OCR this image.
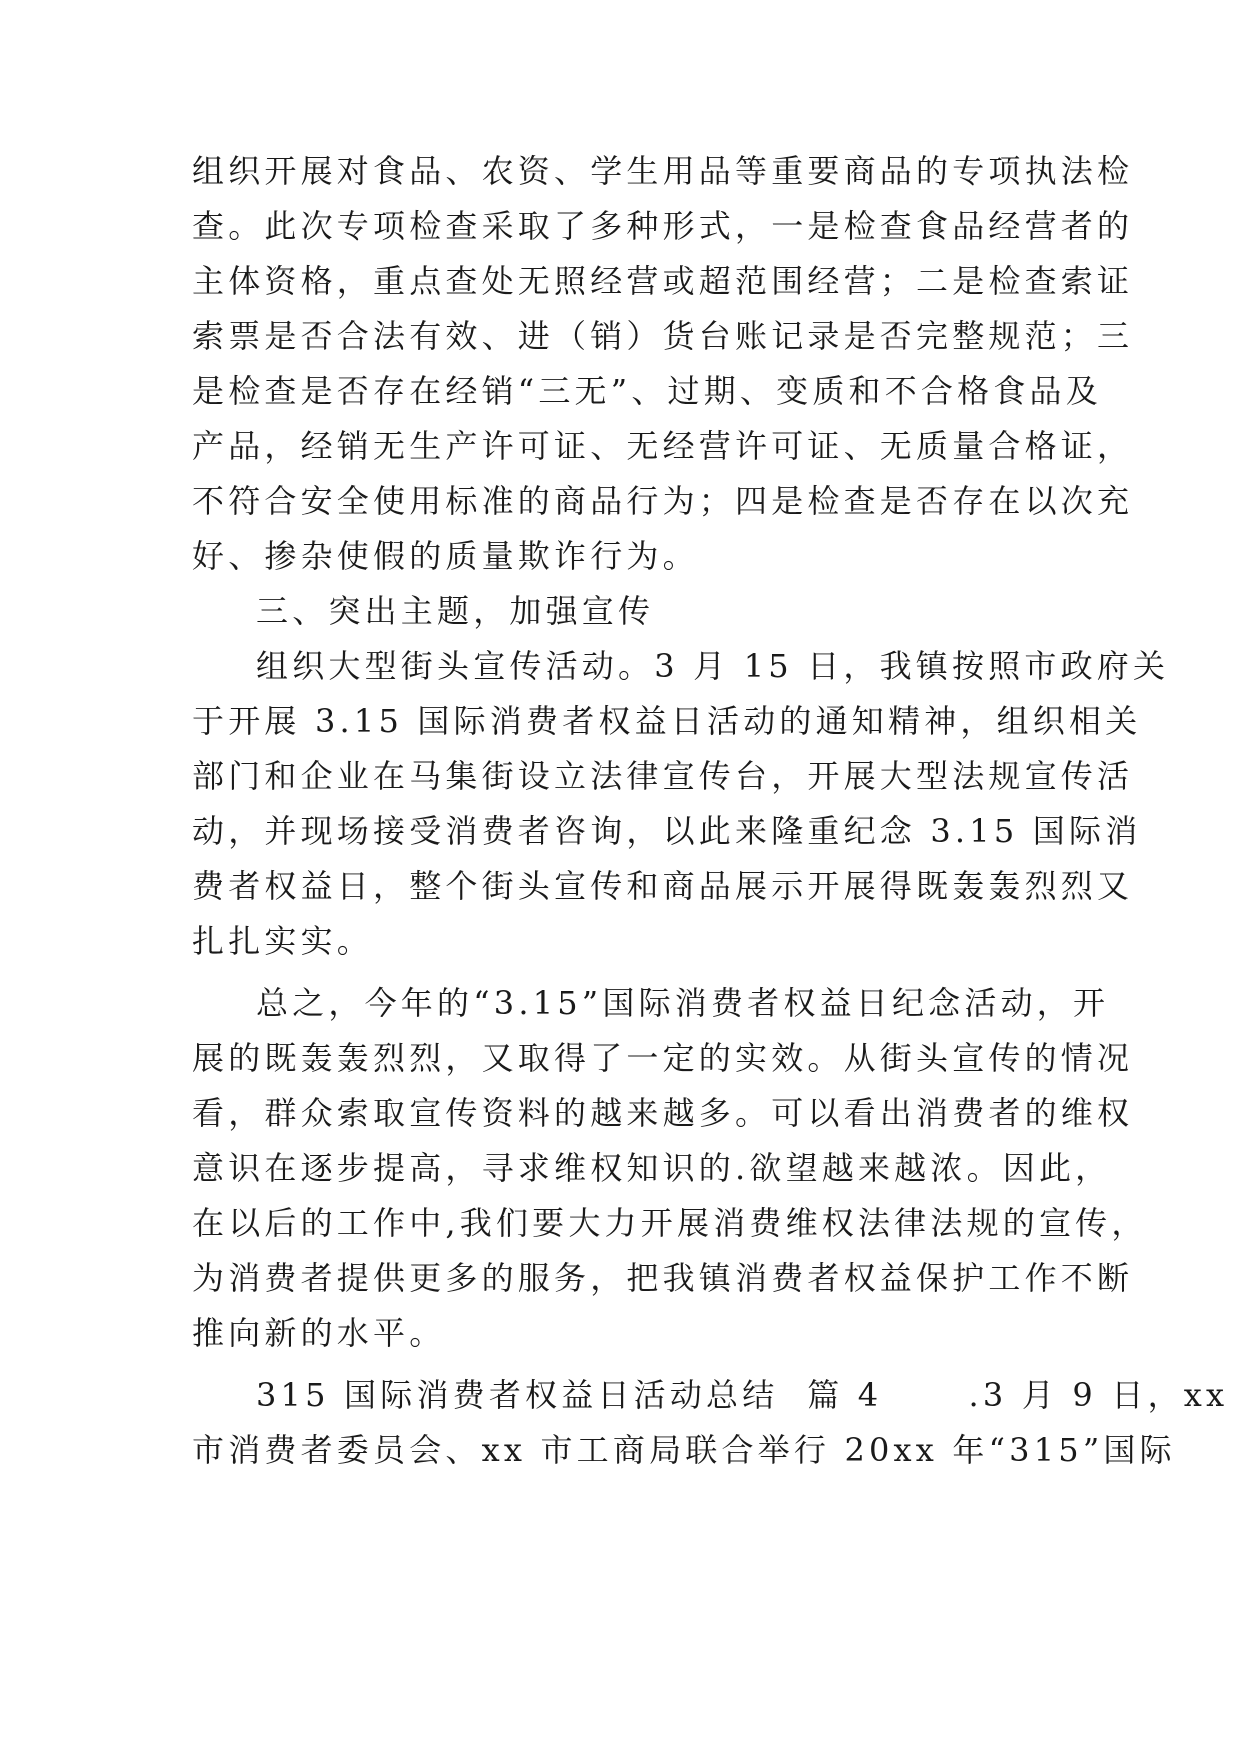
组织开展对食品、农资、学生用品等重要商品的专项执法检
查。此次专项检查采取了多种形式，一是检查食品经营者的
主体资格，重点查处无照经营或超范围经营；二是检查索证
索票是否合法有效、进（销）货台账记录是否完整规范；三
是检查是否存在经销“三无”、过期、变质和不合格食品及
产品，经销无生产许可证、无经营许可证、无质量合格证，
不符合安全使用标准的商品行为；四是检查是否存在以次充
好、掺杂使假的质量欺诈行为。
三、突出主题，加强宣传
组织大型街头宣传活动。3 月 15 日，我镇按照市政府关
于开展 3.15 国际消费者权益日活动的通知精神，组织相关
部门和企业在马集街设立法律宣传台，开展大型法规宣传活
动，并现场接受消费者咨询，以此来隆重纪念 3.15 国际消
费者权益日，整个街头宣传和商品展示开展得既轰轰烈烈又
扎扎实实。
总之，今年的“3.15”国际消费者权益日纪念活动，开
展的既轰轰烈烈，又取得了一定的实效。从街头宣传的情况
看，群众索取宣传资料的越来越多。可以看出消费者的维权
意识在逐步提高，寻求维权知识的.欲望越来越浓。因此，
在以后的工作中,我们要大力开展消费维权法律法规的宣传，
为消费者提供更多的服务，把我镇消费者权益保护工作不断
推向新的水平。
315 国际消费者权益日活动总结  篇 4      .3 月 9 日，xx
市消费者委员会、xx 市工商局联合举行 20xx 年“315”国际
